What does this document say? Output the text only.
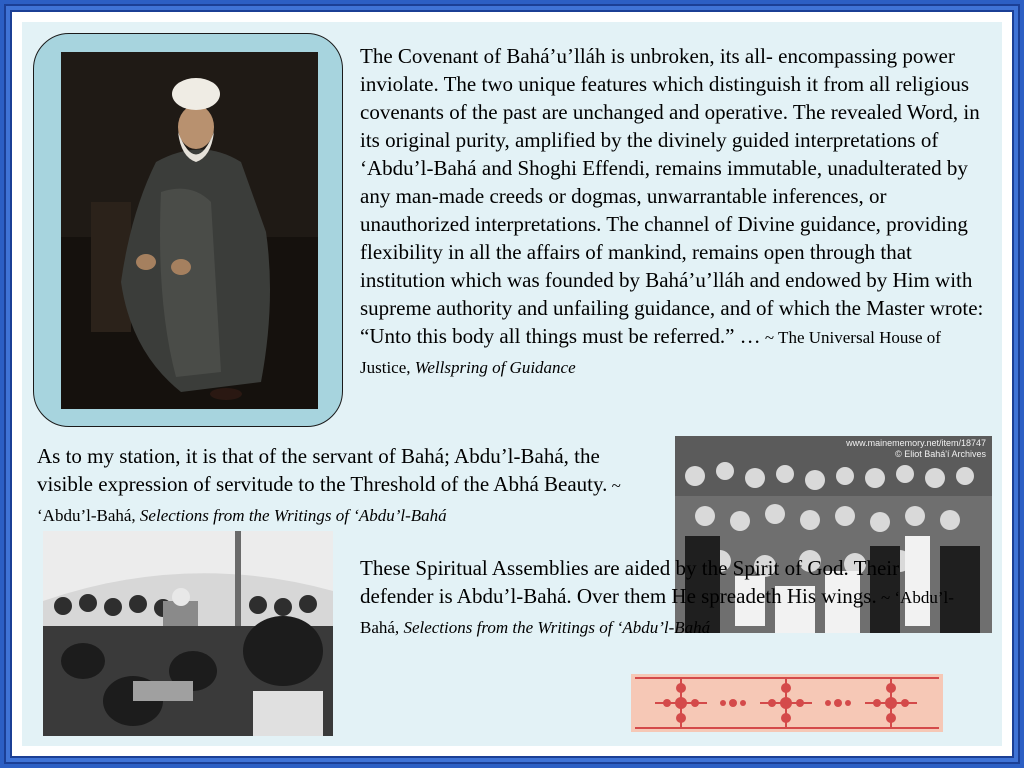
The Covenant of Bahá’u’lláh is unbroken, its all- encompassing power inviolate. The two unique features which distinguish it from all religious covenants of the past are unchanged and operative. The revealed Word, in its original purity, amplified by the divinely guided interpretations of ‘Abdu’l-Bahá and Shoghi Effendi, remains immutable, unadulterated by any man-made creeds or dogmas, unwarrantable inferences, or unauthorized interpretations. The channel of Divine guidance, providing flexibility in all the affairs of mankind, remains open through that institution which was founded by Bahá’u’lláh and endowed by Him with supreme authority and unfailing guidance, and of which the Master wrote: “Unto this body all things must be referred.” … ~ The Universal House of Justice, Wellspring of Guidance
As to my station, it is that of the servant of Bahá; Abdu’l-Bahá, the visible expression of servitude to the Threshold of the Abhá Beauty. ~ ‘Abdu’l-Bahá, Selections from the Writings of ‘Abdu’l-Bahá
www.mainememory.net/item/18747
© Eliot Bahá'í Archives
These Spiritual Assemblies are aided by the Spirit of God. Their defender is Abdu’l-Bahá. Over them He spreadeth His wings. ~ ‘Abdu’l-Bahá, Selections from the Writings of ‘Abdu’l-Bahá
